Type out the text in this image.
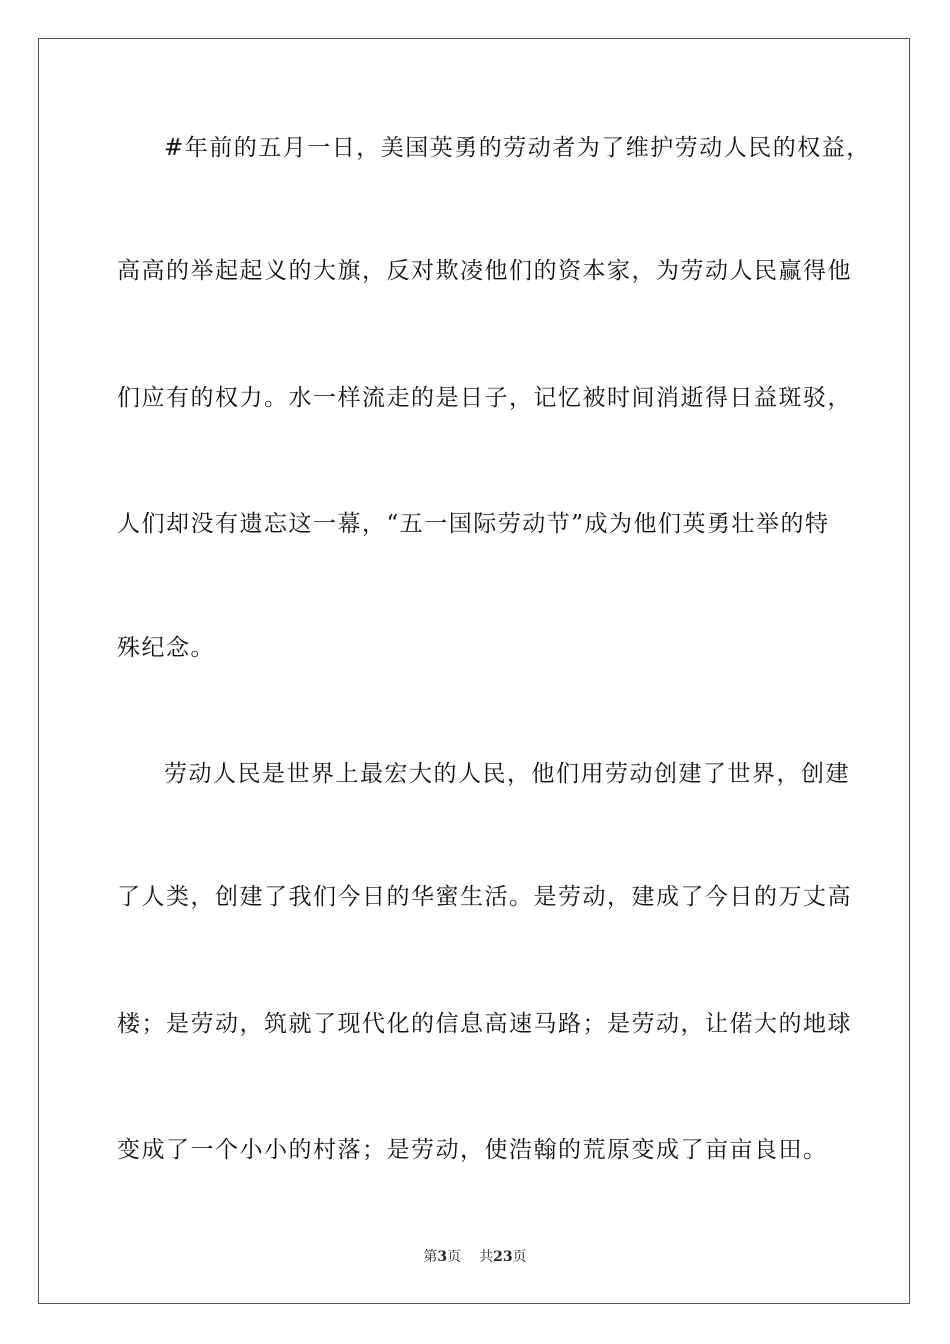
#年前的五月一日，美国英勇的劳动者为了维护劳动人民的权益，
高高的举起起义的大旗，反对欺凌他们的资本家，为劳动人民赢得他
们应有的权力。水一样流走的是日子，记忆被时间消逝得日益斑驳，
人们却没有遗忘这一幕，“五一国际劳动节”成为他们英勇壮举的特
殊纪念。
劳动人民是世界上最宏大的人民，他们用劳动创建了世界，创建
了人类，创建了我们今日的华蜜生活。是劳动，建成了今日的万丈高
楼；是劳动，筑就了现代化的信息高速马路；是劳动，让偌大的地球
变成了一个小小的村落；是劳动，使浩翰的荒原变成了亩亩良田。
第3页 共23页
